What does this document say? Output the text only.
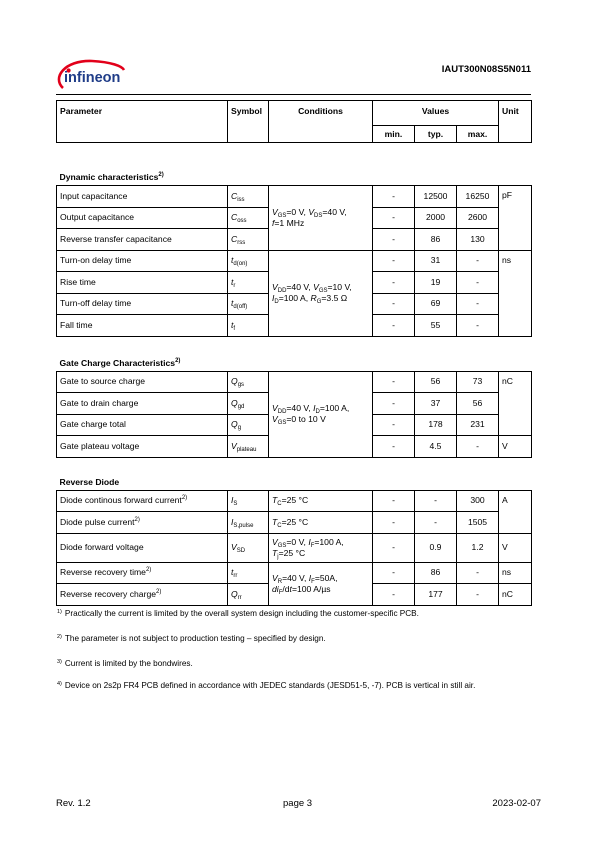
infineon
IAUT300N08S5N011
Parameter	Symbol	Conditions	Values			Unit
			min.	typ.	max.	
Dynamic characteristics$^{2)}$
Input capacitance	$C_{iss}$	$V_{GS}=0$ V, $V_{DS}=40$ V,
f=1 MHz	-	12500	16250	pF
Output capacitance	$C_{oss}$		-	2000	2600	
Reverse transfer capacitance	$C_{rss}$		-	86	130	
Turn-on delay time	$t_{d(on)}$	$V_{DD}=40$ V, $V_{GS}=10$ V,
$I_D=100$ A, $R_G=3.5$ Ω	-	31	-	ns
Rise time	$t_r$		-	19	-	
Turn-off delay time	$t_{d(off)}$		-	69	-	
Fall time	$t_f$		-	55	-	
Gate Charge Characteristics$^{2)}$
Gate to source charge	$Q_{gs}$	$V_{DD}=40$ V, $I_D=100$ A,
$V_{GS}=0$ to 10 V	-	56	73	nC
Gate to drain charge	$Q_{gd}$		-	37	56	
Gate charge total	$Q_g$		-	178	231	
Gate plateau voltage	$V_{plateau}$		-	4.5	-	V
Reverse Diode						
Diode continous forward current$^{2)}$	$I_S$	$T_C=25$ °C	-	-	300	A
Diode pulse current$^{2)}$	$I_{S,pulse}$	$T_C=25$ °C	-	-	1505	
Diode forward voltage	$V_{SD}$	$V_{GS}=0$ V, $I_F=100$ A,
$T_j=25$ °C	-	0.9	1.2	V
Reverse recovery time$^{2)}$	$t_{rr}$	$V_R=40$ V, $I_F=50A$,
$di_F/dt=100$ A/µs	-	86	-	ns
Reverse recovery charge$^{2)}$	$Q_{rr}$		-	177	-	nC
$^{1)}$ Practically the current is limited by the overall system design including the customer-specific PCB.
$^{2)}$ The parameter is not subject to production testing – specified by design.
$^{3)}$ Current is limited by the bondwires.
$^{4)}$ Device on 2s2p FR4 PCB defined in accordance with JEDEC standards (JESD51-5, -7). PCB is vertical in still air.
Rev. 1.2	page 3	2023-02-07
